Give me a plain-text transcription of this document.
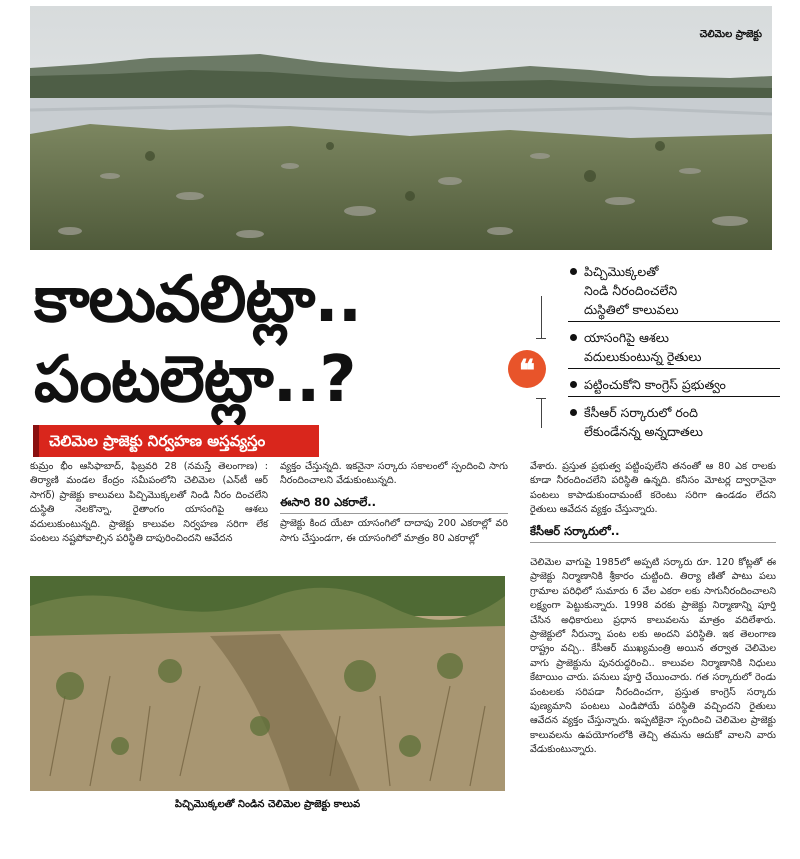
చెలిమెల ప్రాజెక్టు
కాలువలిట్లా..
పంటలెట్లా..?	❝
పిచ్చిమొక్కలతో
నిండి నీరందించలేని
దుస్థితిలో కాలువలు
యాసంగిపై ఆశలు
వదులుకుంటున్న రైతులు
పట్టించుకోని కాంగ్రెస్ ప్రభుత్వం
కేసీఆర్ సర్కారులో రంది
లేకుండేనన్న అన్నదాతలు
చెలిమెల ప్రాజెక్టు నిర్వహణ అస్తవ్యస్తం

కుమ్రం భీం ఆసిఫాబాద్, ఫిబ్రవరి 28 (నమస్తే తెలంగాణ) : తిర్యాణి మండల కేంద్రం సమీపంలోని చెలిమెల (ఎన్‌టీ ఆర్ సాగర్) ప్రాజెక్టు కాలువలు పిచ్చిమొక్కలతో నిండి నీరం దించలేని దుస్థితి నెలకొన్నా, రైతాంగం యాసంగిపై ఆశలు వదులుకుంటున్నది. ప్రాజెక్టు కాలువల నిర్వహణ సరిగా లేక పంటలు నష్టపోవాల్సిన పరిస్థితి దాపురించిందని ఆవేదన

వ్యక్తం చేస్తున్నది. ఇకనైనా సర్కారు సకాలంలో స్పందించి సాగు నీరందించాలని వేడుకుంటున్నది.

ఈసారి 80 ఎకరాలే..

ప్రాజెక్టు కింద యేటా యాసంగిలో దాదాపు 200 ఎకరాల్లో వరి సాగు చేస్తుండగా, ఈ యాసంగిలో మాత్రం 80 ఎకరాల్లో

వేశారు. ప్రస్తుత ప్రభుత్వ పట్టింపులేని తనంతో ఆ 80 ఎక రాలకు కూడా నీరందించలేని పరిస్థితి ఉన్నది. కనీసం మోటర్ల ద్వారానైనా పంటలు కాపాడుకుందామంటే కరెంటు సరిగా ఉండడం లేదని రైతులు ఆవేదన వ్యక్తం చేస్తున్నారు.

కేసీఆర్ సర్కారులో..

చెలిమెల వాగుపై 1985లో అప్పటి సర్కారు రూ. 120 కోట్లతో ఈ ప్రాజెక్టు నిర్మాణానికి శ్రీకారం చుట్టింది. తిర్యా ణితో పాటు పలు గ్రామాల పరిధిలో సుమారు 6 వేల ఎకరా లకు సాగునీరందించాలని లక్ష్యంగా పెట్టుకున్నారు. 1998 వరకు ప్రాజెక్టు నిర్మాణాన్ని పూర్తి చేసిన అధికారులు ప్రధాన కాలువలను మాత్రం వదిలేశారు. ప్రాజెక్టులో నీరున్నా పంట లకు అందని పరిస్థితి. ఇక తెలంగాణ రాష్ట్రం వచ్చి.. కేసీఆర్ ముఖ్యమంత్రి అయిన తర్వాత చెలిమెల వాగు ప్రాజెక్టును పునరుద్ధరించి.. కాలువల నిర్మాణానికి నిధులు కేటాయిం చారు. పనులు పూర్తి చేయించారు. గత సర్కారులో రెండు పంటలకు సరిపడా నీరందించగా, ప్రస్తుత కాంగ్రెస్ సర్కారు పుణ్యమాని పంటలు ఎండిపోయే పరిస్థితి వచ్చిందని రైతులు ఆవేదన వ్యక్తం చేస్తున్నారు. ఇప్పటికైనా స్పందించి చెలిమెల ప్రాజెక్టు కాలువలను ఉపయోగంలోకి తెచ్చి తమను ఆదుకో వాలని వారు వేడుకుంటున్నారు.

పిచ్చిమొక్కలతో నిండిన చెలిమెల ప్రాజెక్టు కాలువ
